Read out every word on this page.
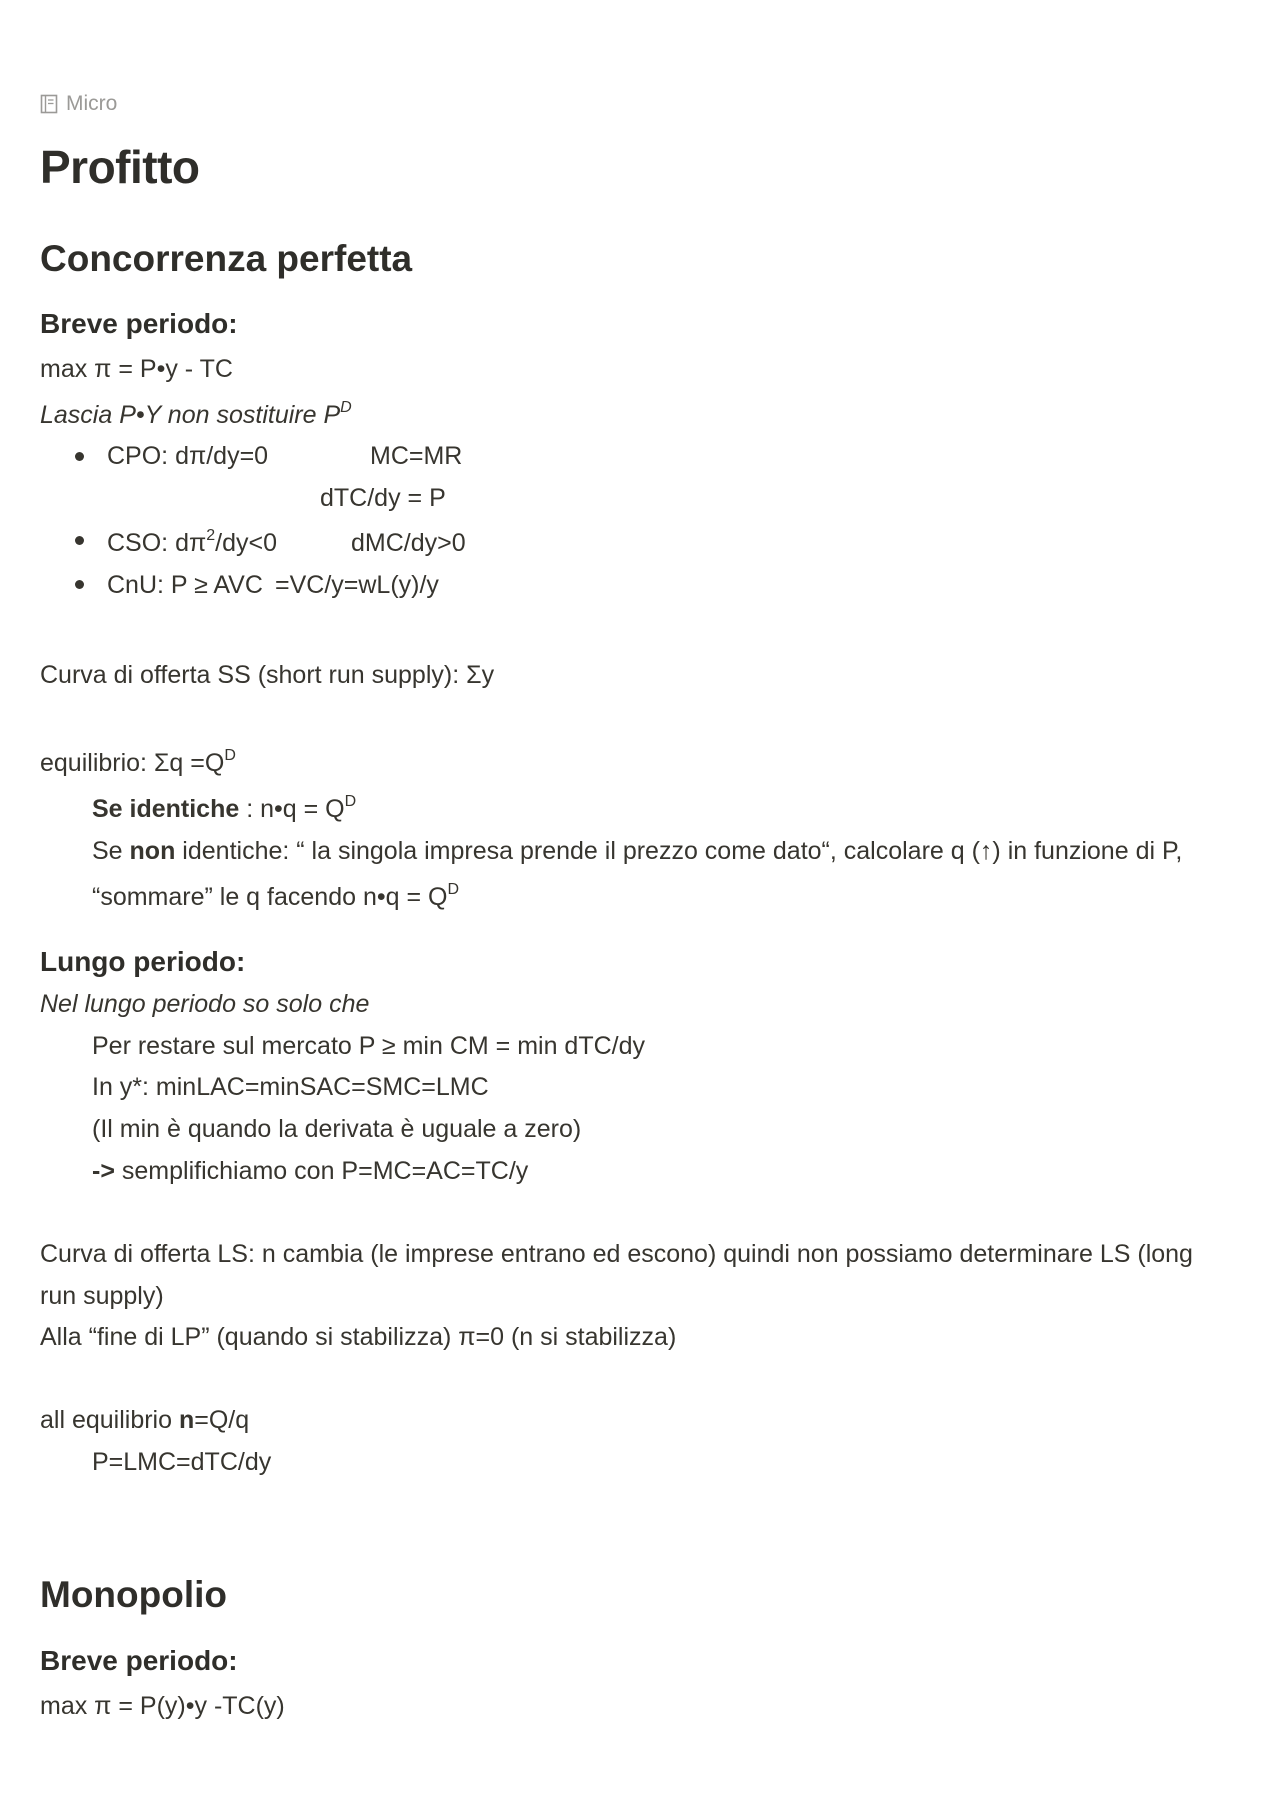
Micro
Profitto
Concorrenza perfetta
Breve periodo:
max π = P•y - TC
Lascia P•Y non sostituire $P^D$
CPO: dπ/dy=0	MC=MR
dTC/dy = P
CSO: $d\pi^2/dy<0$	dMC/dy>0
CnU: P ≥ AVC =VC/y=wL(y)/y
Curva di offerta SS (short run supply): Σy
equilibrio: $\Sigma q =Q^D$
Se identiche : n•q = $Q^D$
Se non identiche: “ la singola impresa prende il prezzo come dato“, calcolare q (↑) in funzione di P,
“sommare” le q facendo n•q = $Q^D$
Lungo periodo:
Nel lungo periodo so solo che
Per restare sul mercato P ≥ min CM = min dTC/dy
In y*: minLAC=minSAC=SMC=LMC
(Il min è quando la derivata è uguale a zero)
-> semplifichiamo con P=MC=AC=TC/y
Curva di offerta LS: n cambia (le imprese entrano ed escono) quindi non possiamo determinare LS (long
run supply)
Alla “fine di LP” (quando si stabilizza) π=0 (n si stabilizza)
all equilibrio n=Q/q
P=LMC=dTC/dy
Monopolio
Breve periodo:
max π = P(y)•y -TC(y)
